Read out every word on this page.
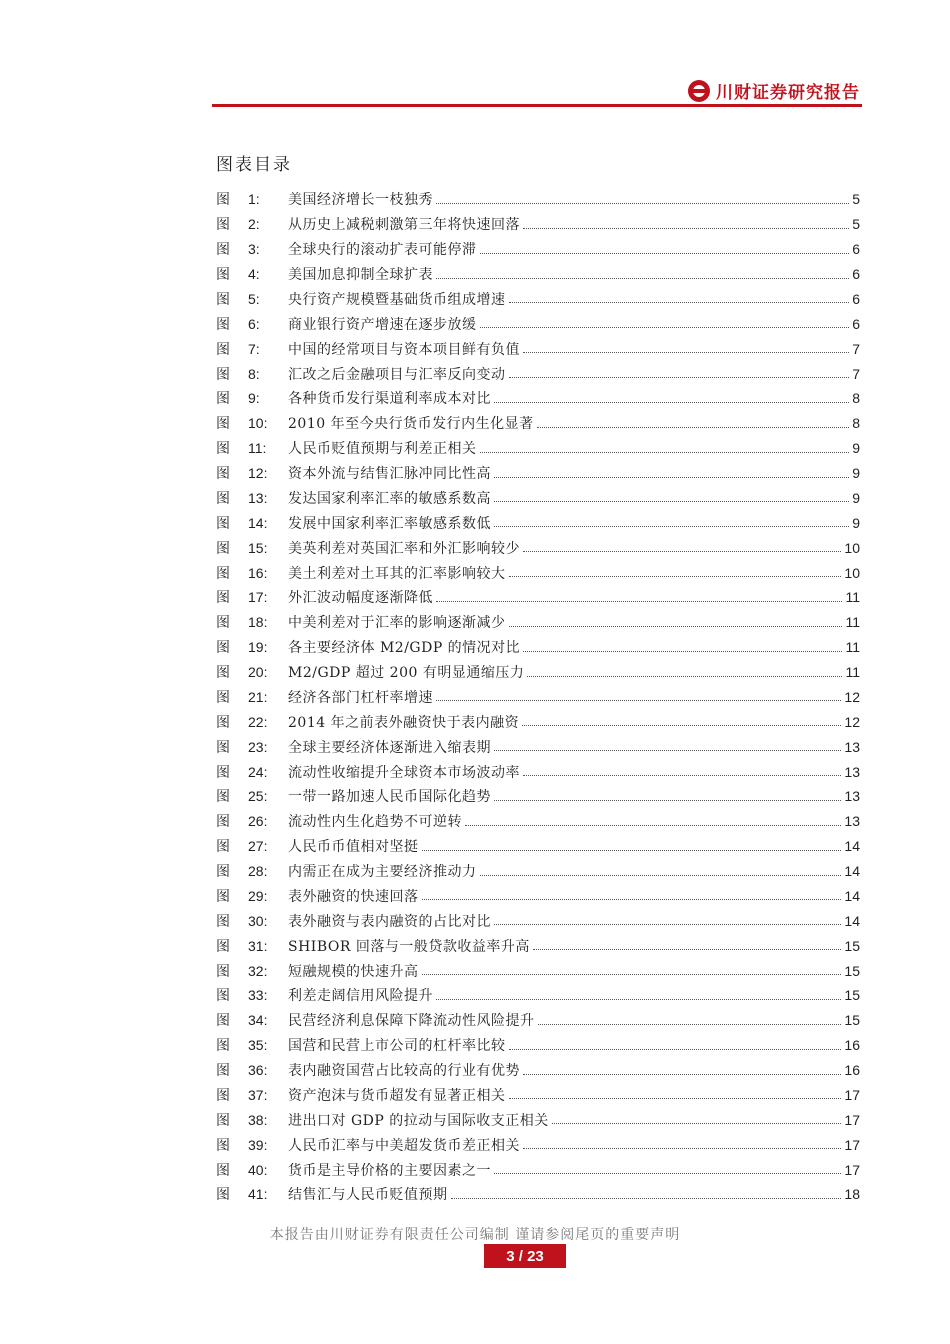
川财证券研究报告
图表目录
图	1:	美国经济增长一枝独秀	5
图	2:	从历史上减税刺激第三年将快速回落	5
图	3:	全球央行的滚动扩表可能停滞	6
图	4:	美国加息抑制全球扩表	6
图	5:	央行资产规模暨基础货币组成增速	6
图	6:	商业银行资产增速在逐步放缓	6
图	7:	中国的经常项目与资本项目鲜有负值	7
图	8:	汇改之后金融项目与汇率反向变动	7
图	9:	各种货币发行渠道利率成本对比	8
图	10:	2010 年至今央行货币发行内生化显著	8
图	11:	人民币贬值预期与利差正相关	9
图	12:	资本外流与结售汇脉冲同比性高	9
图	13:	发达国家利率汇率的敏感系数高	9
图	14:	发展中国家利率汇率敏感系数低	9
图	15:	美英利差对英国汇率和外汇影响较少	10
图	16:	美土利差对土耳其的汇率影响较大	10
图	17:	外汇波动幅度逐渐降低	11
图	18:	中美利差对于汇率的影响逐渐减少	11
图	19:	各主要经济体 M2/GDP 的情况对比	11
图	20:	M2/GDP 超过 200 有明显通缩压力	11
图	21:	经济各部门杠杆率增速	12
图	22:	2014 年之前表外融资快于表内融资	12
图	23:	全球主要经济体逐渐进入缩表期	13
图	24:	流动性收缩提升全球资本市场波动率	13
图	25:	一带一路加速人民币国际化趋势	13
图	26:	流动性内生化趋势不可逆转	13
图	27:	人民币币值相对坚挺	14
图	28:	内需正在成为主要经济推动力	14
图	29:	表外融资的快速回落	14
图	30:	表外融资与表内融资的占比对比	14
图	31:	SHIBOR 回落与一般贷款收益率升高	15
图	32:	短融规模的快速升高	15
图	33:	利差走阔信用风险提升	15
图	34:	民营经济利息保障下降流动性风险提升	15
图	35:	国营和民营上市公司的杠杆率比较	16
图	36:	表内融资国营占比较高的行业有优势	16
图	37:	资产泡沫与货币超发有显著正相关	17
图	38:	进出口对 GDP 的拉动与国际收支正相关	17
图	39:	人民币汇率与中美超发货币差正相关	17
图	40:	货币是主导价格的主要因素之一	17
图	41:	结售汇与人民币贬值预期	18
本报告由川财证券有限责任公司编制 谨请参阅尾页的重要声明
3 / 23
